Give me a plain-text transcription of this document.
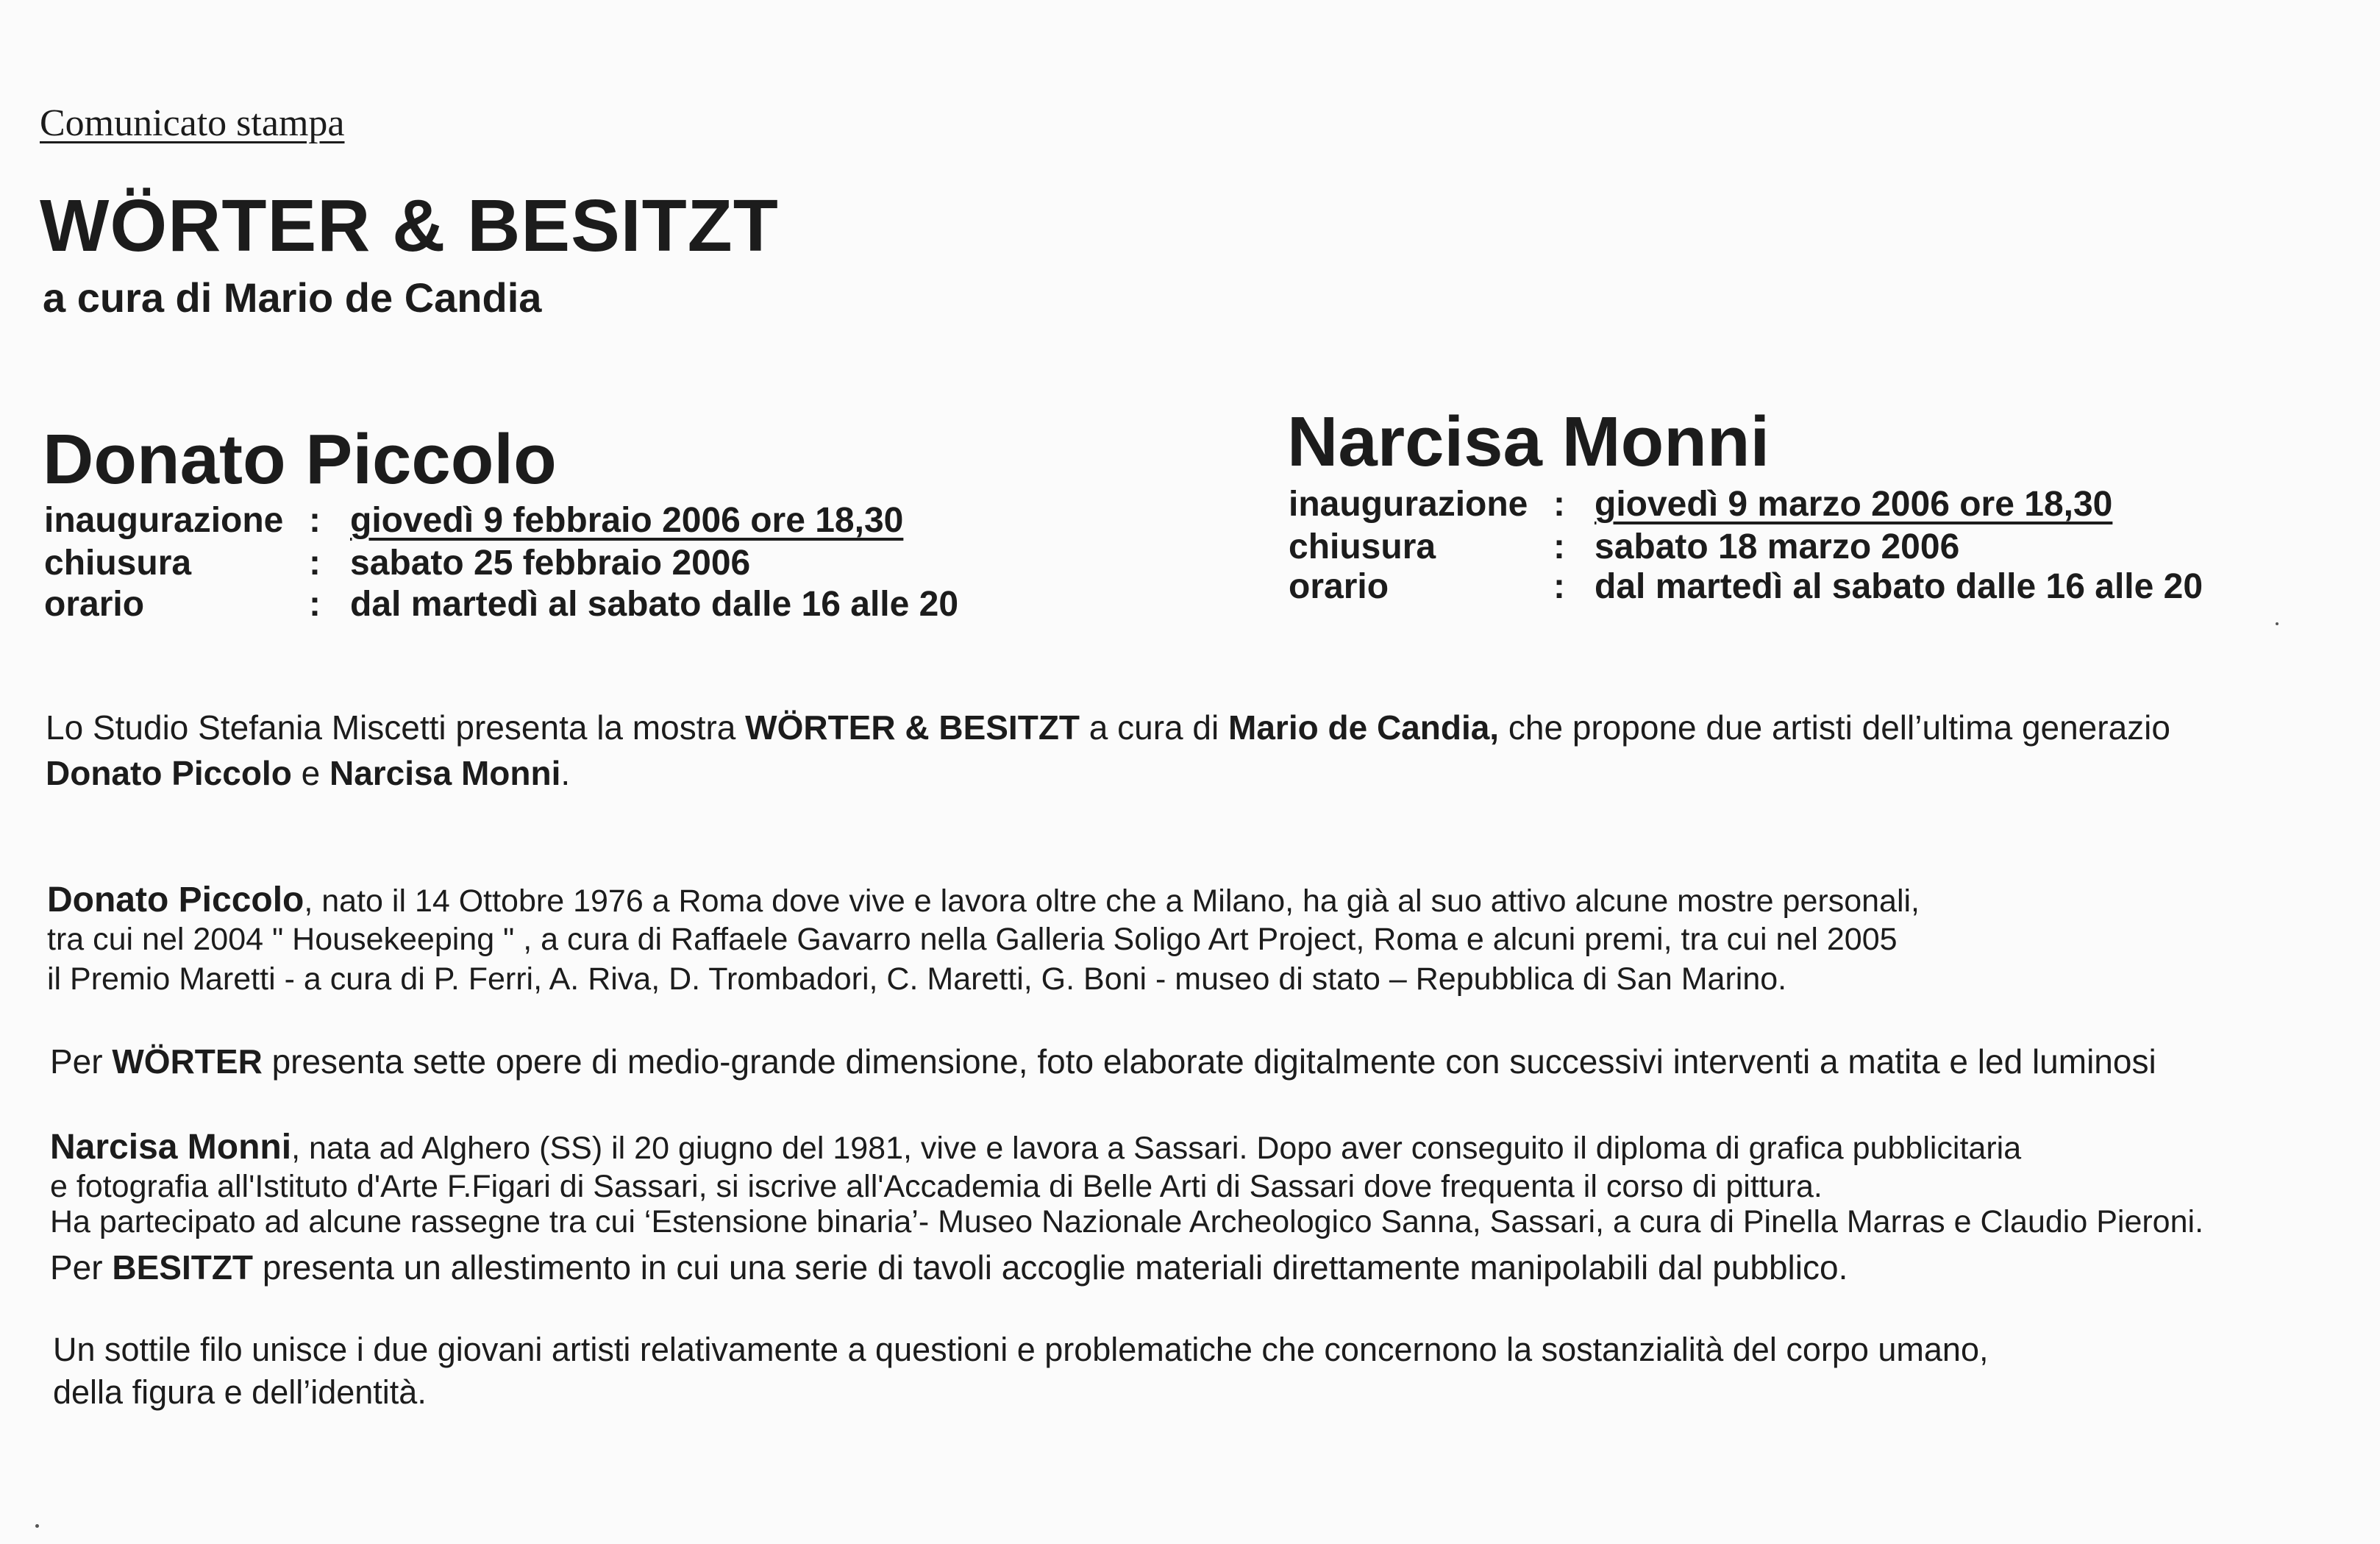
Comunicato stampa
WÖRTER & BESITZT
a cura di Mario de Candia
Donato Piccolo
inaugurazione : giovedì 9 febbraio 2006 ore 18,30
chiusura	: sabato 25 febbraio 2006
orario	: dal martedì al sabato dalle 16 alle 20
Narcisa Monni
inaugurazione : giovedì 9 marzo 2006 ore 18,30
chiusura	: sabato 18 marzo 2006
orario	: dal martedì al sabato dalle 16 alle 20
Lo Studio Stefania Miscetti presenta la mostra WÖRTER & BESITZT a cura di Mario de Candia, che propone due artisti dell’ultima generazio
Donato Piccolo e Narcisa Monni.
Donato Piccolo, nato il 14 Ottobre 1976 a Roma dove vive e lavora oltre che a Milano, ha già al suo attivo alcune mostre personali,
tra cui nel 2004 " Housekeeping " , a cura di Raffaele Gavarro nella Galleria Soligo Art Project, Roma e alcuni premi, tra cui nel 2005
il Premio Maretti - a cura di P. Ferri, A. Riva, D. Trombadori, C. Maretti, G. Boni - museo di stato – Repubblica di San Marino.
Per WÖRTER presenta sette opere di medio-grande dimensione, foto elaborate digitalmente con successivi interventi a matita e led luminosi
Narcisa Monni, nata ad Alghero (SS) il 20 giugno del 1981, vive e lavora a Sassari. Dopo aver conseguito il diploma di grafica pubblicitaria
e fotografia all'Istituto d'Arte F.Figari di Sassari, si iscrive all'Accademia di Belle Arti di Sassari dove frequenta il corso di pittura.
Ha partecipato ad alcune rassegne tra cui ‘Estensione binaria’- Museo Nazionale Archeologico Sanna, Sassari, a cura di Pinella Marras e Claudio Pieroni.
Per BESITZT presenta un allestimento in cui una serie di tavoli accoglie materiali direttamente manipolabili dal pubblico.
Un sottile filo unisce i due giovani artisti relativamente a questioni e problematiche che concernono la sostanzialità del corpo umano,
della figura e dell’identità.
